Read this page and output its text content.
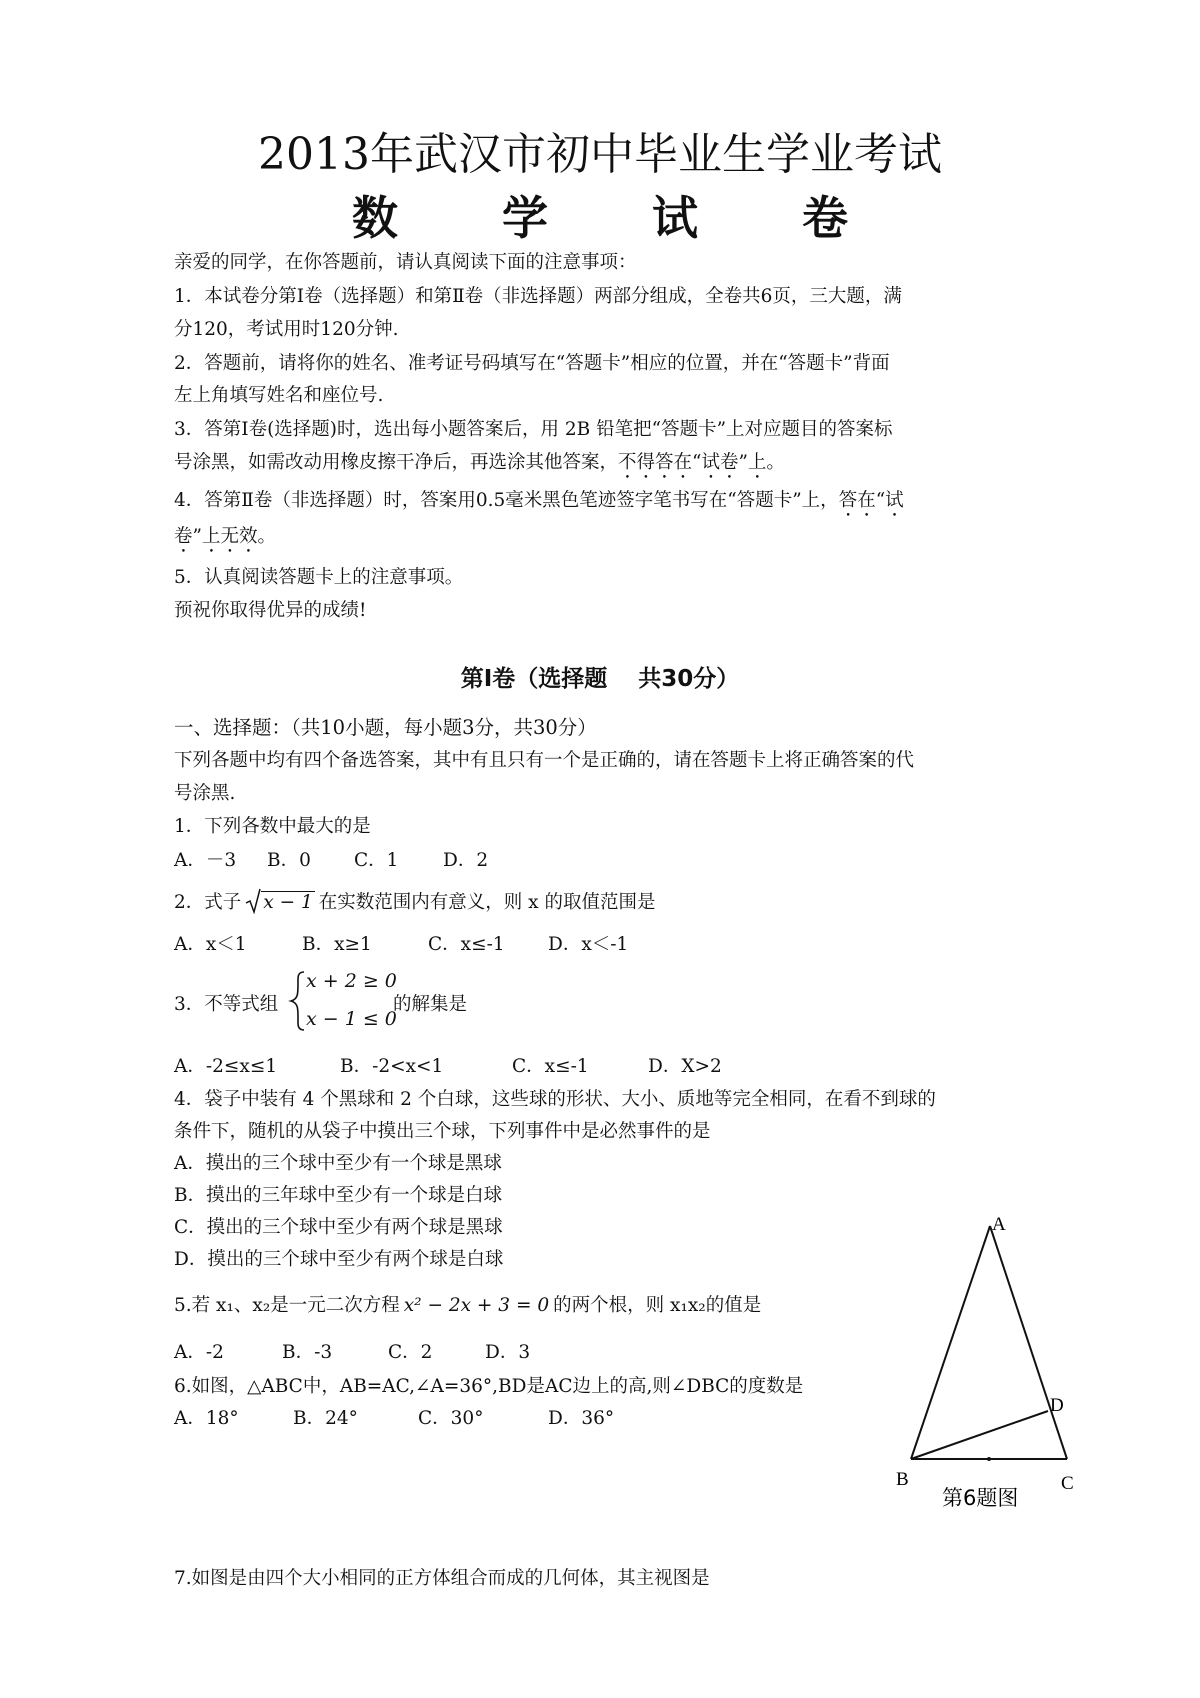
2013年武汉市初中毕业生学业考试
数 学 试 卷
亲爱的同学，在你答题前，请认真阅读下面的注意事项：
1．本试卷分第Ⅰ卷（选择题）和第Ⅱ卷（非选择题）两部分组成，全卷共6页，三大题，满
分120，考试用时120分钟.
2．答题前，请将你的姓名、准考证号码填写在“答题卡”相应的位置，并在“答题卡”背面
左上角填写姓名和座位号.
3．答第Ⅰ卷(选择题)时，选出每小题答案后，用 2B 铅笔把“答题卡”上对应题目的答案标
号涂黑，如需改动用橡皮擦干净后，再选涂其他答案，不得答在“试卷”上。
4．答第Ⅱ卷（非选择题）时，答案用0.5毫米黑色笔迹签字笔书写在“答题卡”上，答在“试
卷”上无效。
5．认真阅读答题卡上的注意事项。
预祝你取得优异的成绩!
第Ⅰ卷（选择题　 共30分）
一、选择题：（共10小题，每小题3分，共30分）
下列各题中均有四个备选答案，其中有且只有一个是正确的，请在答题卡上将正确答案的代
号涂黑.
1．下列各数中最大的是
A．－3 B．0 C．1 D．2
2．式子 x − 1 在实数范围内有意义，则 x 的取值范围是
A．x＜1	B．x≥1	C．x≤-1 D．x＜-1
3．不等式组
x + 2 ≥ 0
x − 1 ≤ 0
的解集是
A．-2≤x≤1	B．-2<x<1	C．x≤-1	D．X>2
4．袋子中装有 4 个黑球和 2 个白球，这些球的形状、大小、质地等完全相同，在看不到球的
条件下，随机的从袋子中摸出三个球，下列事件中是必然事件的是
A．摸出的三个球中至少有一个球是黑球
B．摸出的三年球中至少有一个球是白球
C．摸出的三个球中至少有两个球是黑球
D．摸出的三个球中至少有两个球是白球
5.若 x₁、x₂是一元二次方程 x² − 2x + 3 = 0 的两个根，则 x₁x₂的值是
A．-2	B．-3	C．2	D．3
6.如图，△ABC中，AB=AC,∠A=36°,BD是AC边上的高,则∠DBC的度数是
A．18°	B．24°	C．30°	D．36°
A
B	C
D
第6题图
7.如图是由四个大小相同的正方体组合而成的几何体，其主视图是
